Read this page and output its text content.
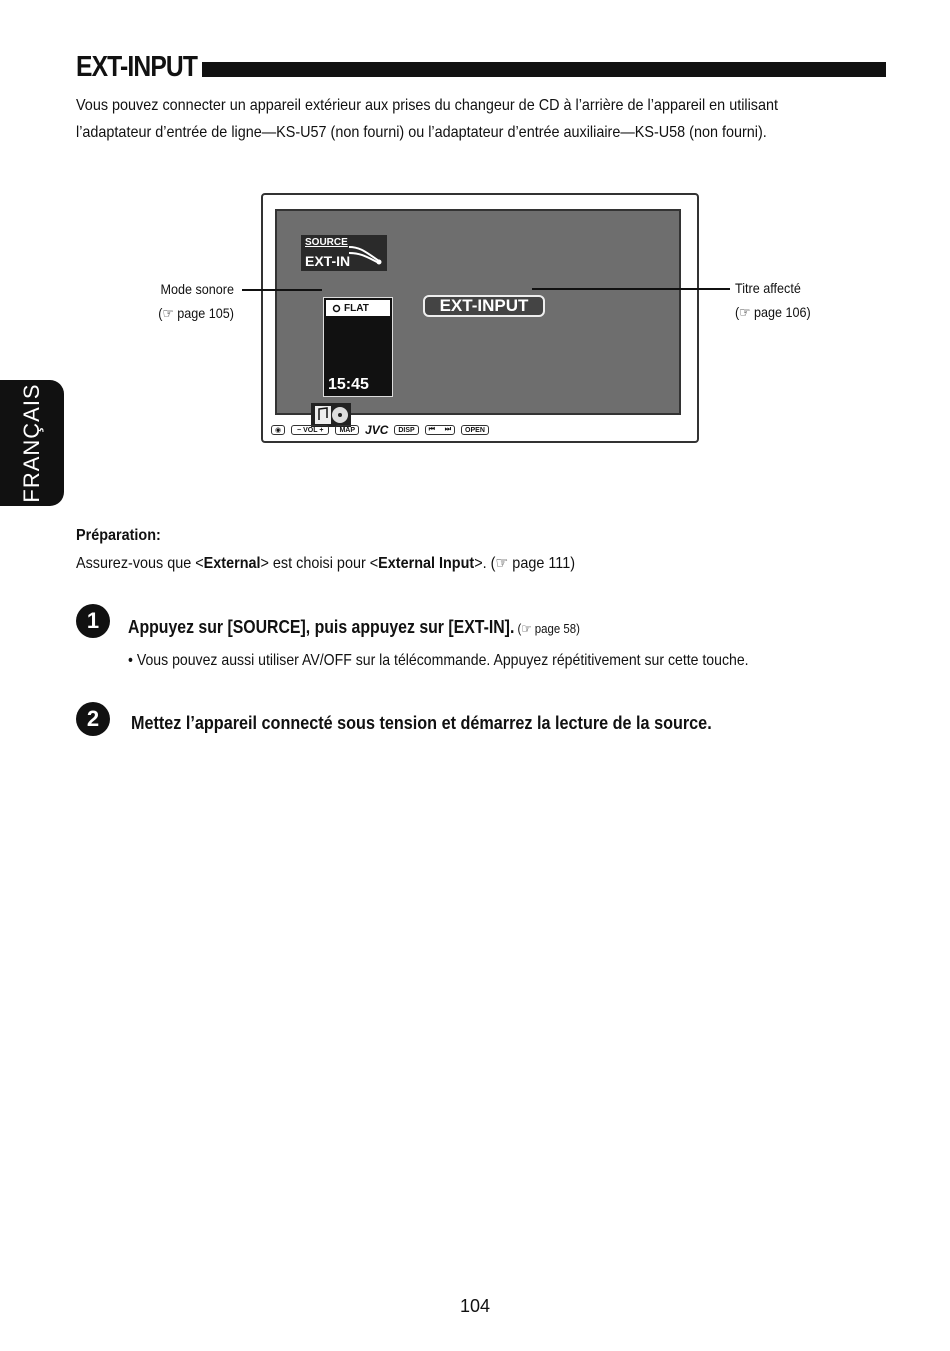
EXT-INPUT
Vous pouvez connecter un appareil extérieur aux prises du changeur de CD à l’arrière de l’appareil en utilisant l’adaptateur d’entrée de ligne—KS-U57 (non fourni) ou l’adaptateur d’entrée auxiliaire—KS-U58 (non fourni).
SOURCE
EXT-IN
FLAT
15:45
EXT-INPUT
◉	− VOL +	MAP JVC	DISP	⏮     ⏭	OPEN
Mode sonore
(☞ page 105)
Titre affecté
(☞ page 106)
FRANÇAIS
Préparation:
Assurez-vous que <External> est choisi pour <External Input>. (☞ page 111)
1	Appuyez sur [SOURCE], puis appuyez sur [EXT-IN]. (☞ page 58)
• Vous pouvez aussi utiliser AV/OFF sur la télécommande. Appuyez répétitivement sur cette touche.
2	Mettez l’appareil connecté sous tension et démarrez la lecture de la source.
104
